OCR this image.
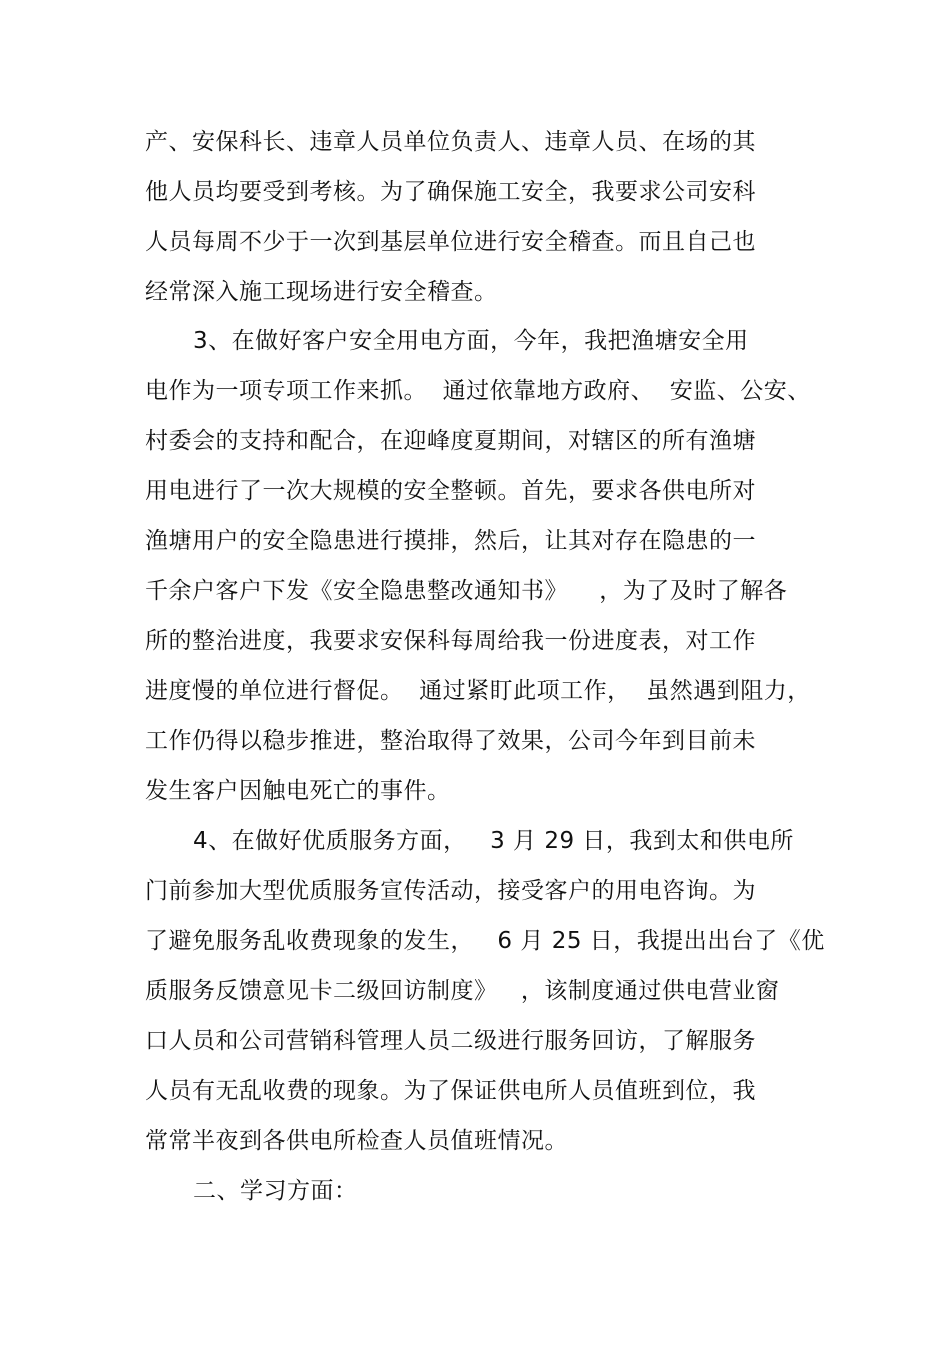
产、安保科长、违章人员单位负责人、违章人员、在场的其
他人员均要受到考核。为了确保施工安全，我要求公司安科
人员每周不少于一次到基层单位进行安全稽查。而且自己也
经常深入施工现场进行安全稽查。
3、在做好客户安全用电方面，今年，我把渔塘安全用
电作为一项专项工作来抓。  通过依靠地方政府、  安监、公安、
村委会的支持和配合，在迎峰度夏期间，对辖区的所有渔塘
用电进行了一次大规模的安全整顿。首先，要求各供电所对
渔塘用户的安全隐患进行摸排，然后，让其对存在隐患的一
千余户客户下发《安全隐患整改通知书》    ，为了及时了解各
所的整治进度，我要求安保科每周给我一份进度表，对工作
进度慢的单位进行督促。  通过紧盯此项工作，  虽然遇到阻力，
工作仍得以稳步推进，整治取得了效果，公司今年到目前未
发生客户因触电死亡的事件。
4、在做好优质服务方面，   3 月 29 日，我到太和供电所
门前参加大型优质服务宣传活动，接受客户的用电咨询。为
了避免服务乱收费现象的发生，   6 月 25 日，我提出出台了《优
质服务反馈意见卡二级回访制度》   ，该制度通过供电营业窗
口人员和公司营销科管理人员二级进行服务回访，了解服务
人员有无乱收费的现象。为了保证供电所人员值班到位，我
常常半夜到各供电所检查人员值班情况。
二、学习方面：
